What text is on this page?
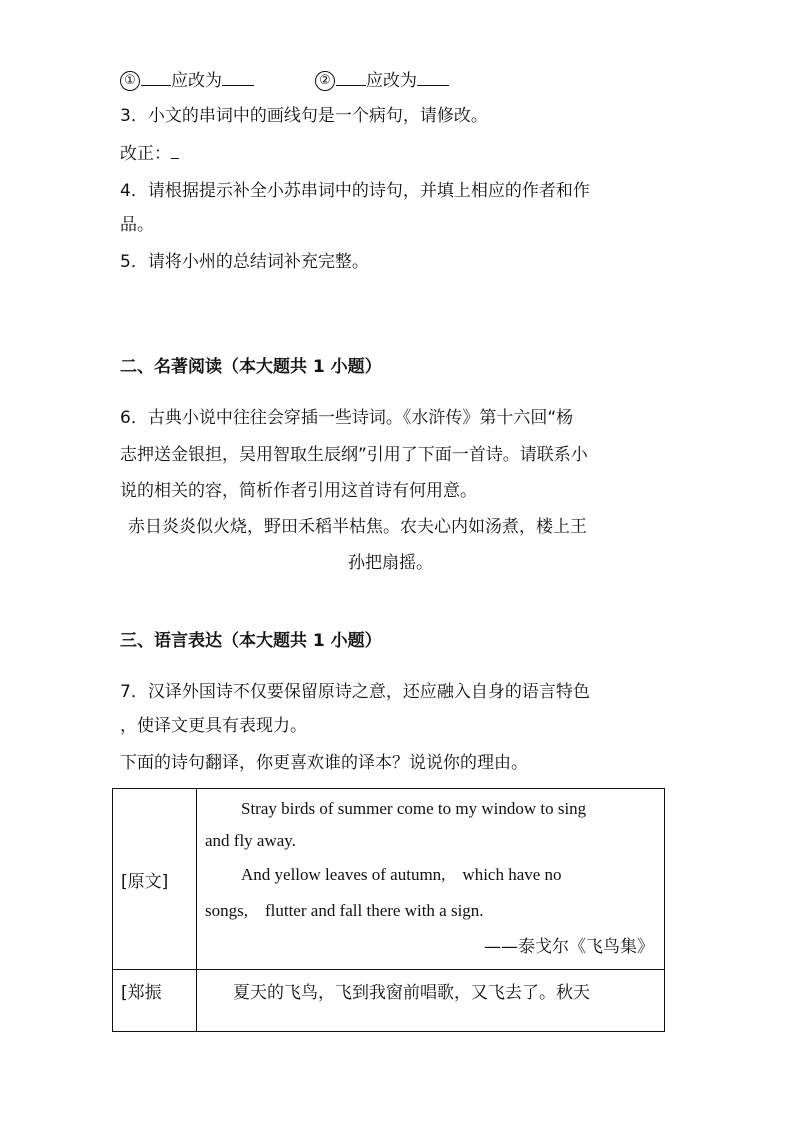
① 应改为	② 应改为
3．小文的串词中的画线句是一个病句，请修改。
改正：
4．请根据提示补全小苏串词中的诗句，并填上相应的作者和作
品。
5．请将小州的总结词补充完整。
二、名著阅读（本大题共 1 小题）
6．古典小说中往往会穿插一些诗词。《水浒传》第十六回“杨
志押送金银担，吴用智取生辰纲”引用了下面一首诗。请联系小
说的相关的容，简析作者引用这首诗有何用意。
赤日炎炎似火烧，野田禾稻半枯焦。农夫心内如汤煮，楼上王
孙把扇摇。
三、语言表达（本大题共 1 小题）
7．汉译外国诗不仅要保留原诗之意，还应融入自身的语言特色
，使译文更具有表现力。
下面的诗句翻译，你更喜欢谁的译本？说说你的理由。
[原文]	Stray birds of summer come to my window to sing
and fly away.
And yellow leaves of autumn,　which have no
songs,　flutter and fall there with a sign.
——泰戈尔《飞鸟集》

[郑振	夏天的飞鸟，飞到我窗前唱歌，又飞去了。秋天
